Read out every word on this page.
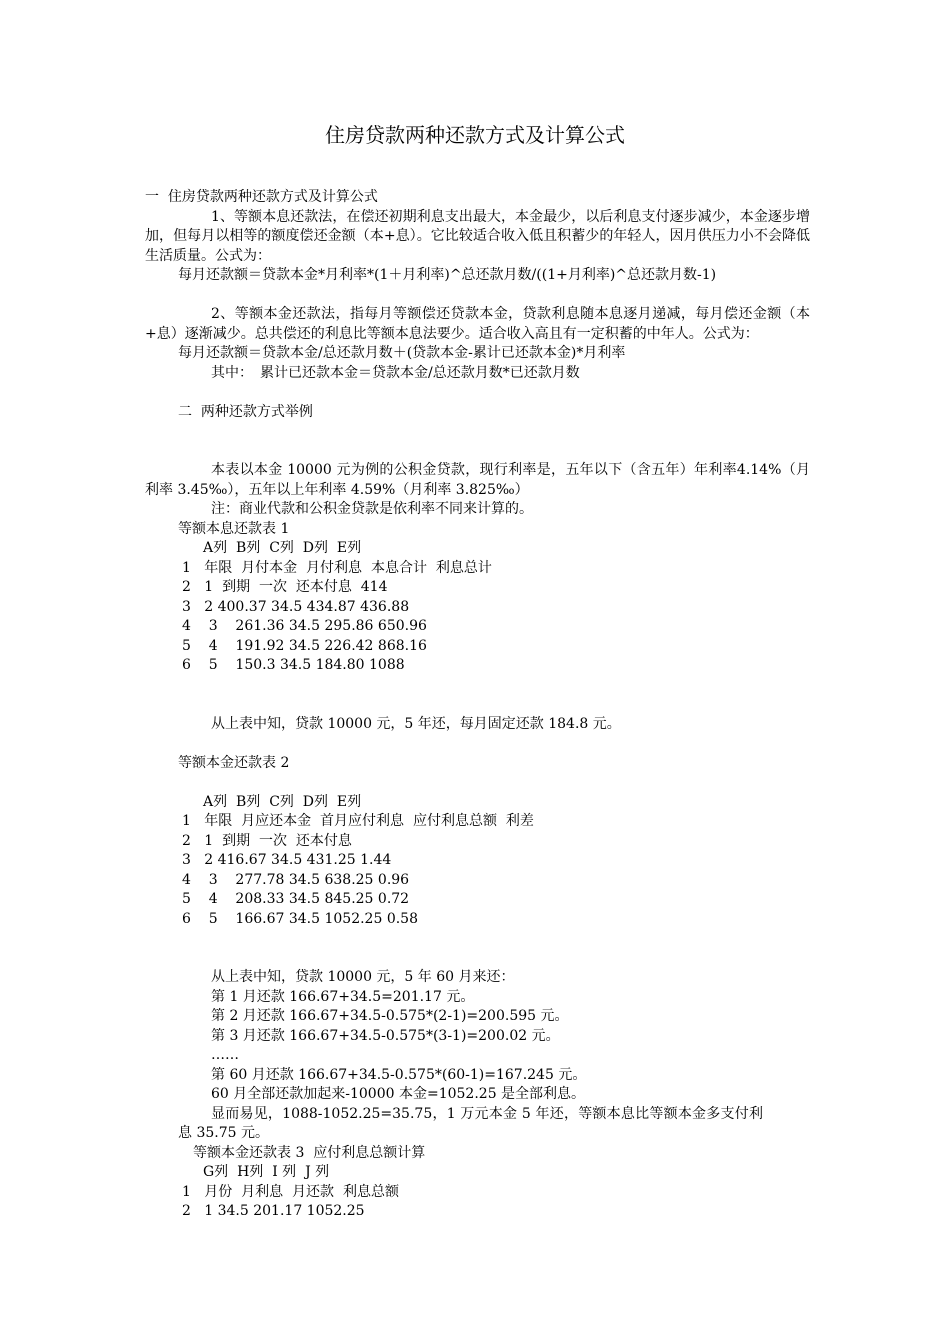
住房贷款两种还款方式及计算公式
一  住房贷款两种还款方式及计算公式
1、等额本息还款法，在偿还初期利息支出最大，本金最少，以后利息支付逐步减少，本金逐步增加，但每月以相等的额度偿还金额（本+息）。它比较适合收入低且积蓄少的年轻人，因月供压力小不会降低生活质量。公式为：
每月还款额＝贷款本金*月利率*(1＋月利率)^总还款月数/((1+月利率)^总还款月数-1)
2、等额本金还款法，指每月等额偿还贷款本金，贷款利息随本息逐月递减，每月偿还金额（本+息）逐渐减少。总共偿还的利息比等额本息法要少。适合收入高且有一定积蓄的中年人。公式为：
每月还款额＝贷款本金/总还款月数＋(贷款本金-累计已还款本金)*月利率
其中：　累计已还款本金＝贷款本金/总还款月数*已还款月数
二  两种还款方式举例
本表以本金 10000 元为例的公积金贷款，现行利率是，五年以下（含五年）年利率4.14%（月利率 3.45‰），五年以上年利率 4.59%（月利率 3.825‰）
注：商业代款和公积金贷款是依利率不同来计算的。
等额本息还款表 1
A列  B列  C列  D列  E列
1   年限  月付本金  月付利息  本息合计  利息总计
2   1  到期  一次  还本付息  414
3   2 400.37 34.5 434.87 436.88
4    3    261.36 34.5 295.86 650.96
5    4    191.92 34.5 226.42 868.16
6    5    150.3 34.5 184.80 1088
从上表中知，贷款 10000 元，5 年还，每月固定还款 184.8 元。
等额本金还款表 2
A列  B列  C列  D列  E列
1   年限  月应还本金  首月应付利息  应付利息总额  利差
2   1  到期  一次  还本付息
3   2 416.67 34.5 431.25 1.44
4    3    277.78 34.5 638.25 0.96
5    4    208.33 34.5 845.25 0.72
6    5    166.67 34.5 1052.25 0.58
从上表中知，贷款 10000 元，5 年 60 月来还：
第 1 月还款 166.67+34.5=201.17 元。
第 2 月还款 166.67+34.5-0.575*(2-1)=200.595 元。
第 3 月还款 166.67+34.5-0.575*(3-1)=200.02 元。
……
第 60 月还款 166.67+34.5-0.575*(60-1)=167.245 元。
60 月全部还款加起来-10000 本金=1052.25 是全部利息。
显而易见，1088-1052.25=35.75，1 万元本金 5 年还，等额本息比等额本金多支付利息 35.75 元。
等额本金还款表 3  应付利息总额计算
G列  H列  I 列  J 列
1   月份  月利息  月还款  利息总额
2   1 34.5 201.17 1052.25
